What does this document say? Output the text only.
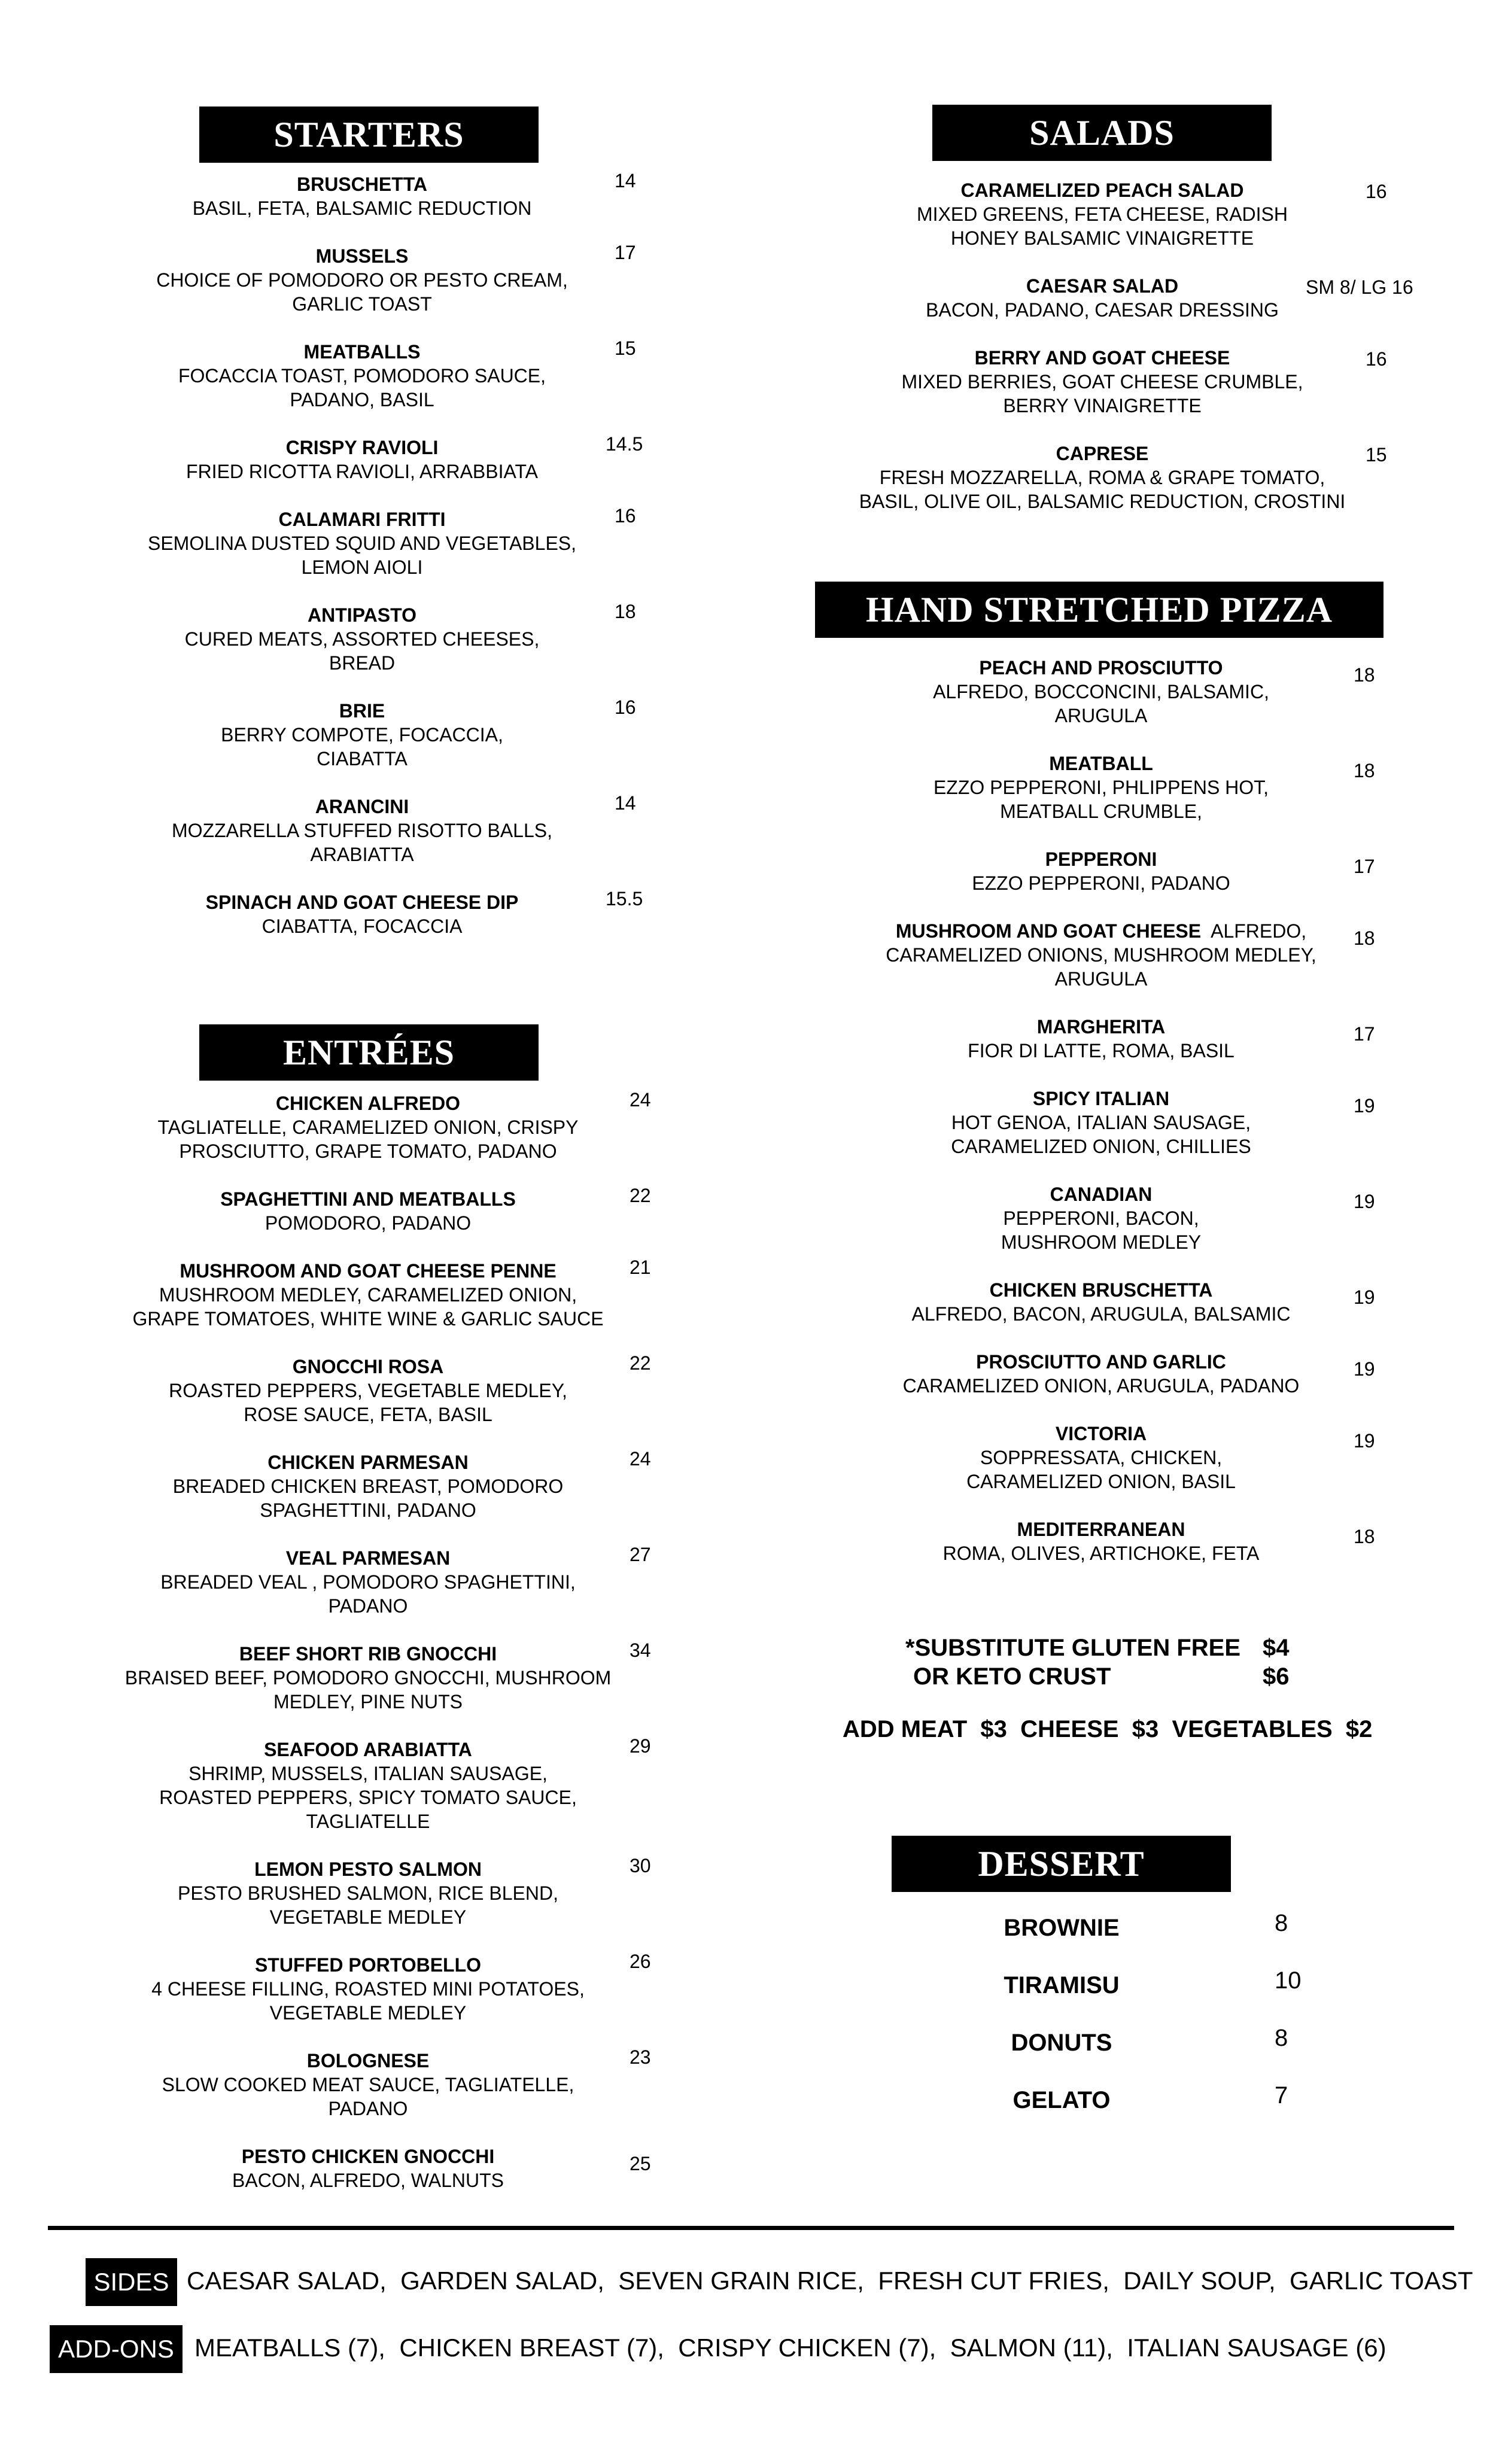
STARTERS
BRUSCHETTA
BASIL, FETA, BALSAMIC REDUCTION
14
MUSSELS
CHOICE OF POMODORO OR PESTO CREAM,
GARLIC TOAST
17
MEATBALLS
FOCACCIA TOAST, POMODORO SAUCE,
PADANO, BASIL
15
CRISPY RAVIOLI
FRIED RICOTTA RAVIOLI, ARRABBIATA
14.5
CALAMARI FRITTI
SEMOLINA DUSTED SQUID AND VEGETABLES,
LEMON AIOLI
16
ANTIPASTO
CURED MEATS, ASSORTED CHEESES,
BREAD
18
BRIE
BERRY COMPOTE, FOCACCIA,
CIABATTA
16
ARANCINI
MOZZARELLA STUFFED RISOTTO BALLS,
ARABIATTA
14
SPINACH AND GOAT CHEESE DIP
CIABATTA, FOCACCIA
15.5
ENTRÉES
CHICKEN ALFREDO
TAGLIATELLE, CARAMELIZED ONION, CRISPY
PROSCIUTTO, GRAPE TOMATO, PADANO
24
SPAGHETTINI AND MEATBALLS
POMODORO, PADANO
22
MUSHROOM AND GOAT CHEESE PENNE
MUSHROOM MEDLEY, CARAMELIZED ONION,
GRAPE TOMATOES, WHITE WINE & GARLIC SAUCE
21
GNOCCHI ROSA
ROASTED PEPPERS, VEGETABLE MEDLEY,
ROSE SAUCE, FETA, BASIL
22
CHICKEN PARMESAN
BREADED CHICKEN BREAST, POMODORO
SPAGHETTINI, PADANO
24
VEAL PARMESAN
BREADED VEAL , POMODORO SPAGHETTINI,
PADANO
27
BEEF SHORT RIB GNOCCHI
BRAISED BEEF, POMODORO GNOCCHI, MUSHROOM
MEDLEY, PINE NUTS
34
SEAFOOD ARABIATTA
SHRIMP, MUSSELS, ITALIAN SAUSAGE,
ROASTED PEPPERS, SPICY TOMATO SAUCE,
TAGLIATELLE
29
LEMON PESTO SALMON
PESTO BRUSHED SALMON, RICE BLEND,
VEGETABLE MEDLEY
30
STUFFED PORTOBELLO
4 CHEESE FILLING, ROASTED MINI POTATOES,
VEGETABLE MEDLEY
26
BOLOGNESE
SLOW COOKED MEAT SAUCE, TAGLIATELLE,
PADANO
23
PESTO CHICKEN GNOCCHI
BACON, ALFREDO, WALNUTS
25
SALADS
CARAMELIZED PEACH SALAD
MIXED GREENS, FETA CHEESE, RADISH
HONEY BALSAMIC VINAIGRETTE
16
CAESAR SALAD
BACON, PADANO, CAESAR DRESSING
SM 8/ LG 16
BERRY AND GOAT CHEESE
MIXED BERRIES, GOAT CHEESE CRUMBLE,
BERRY VINAIGRETTE
16
CAPRESE
FRESH MOZZARELLA, ROMA & GRAPE TOMATO,
BASIL, OLIVE OIL, BALSAMIC REDUCTION, CROSTINI
15
HAND STRETCHED PIZZA
PEACH AND PROSCIUTTO
ALFREDO, BOCCONCINI, BALSAMIC,
ARUGULA
18
MEATBALL
EZZO PEPPERONI, PHLIPPENS HOT,
MEATBALL CRUMBLE,
18
PEPPERONI
EZZO PEPPERONI, PADANO
17
MUSHROOM AND GOAT CHEESE  ALFREDO,
CARAMELIZED ONIONS, MUSHROOM MEDLEY,
ARUGULA
18
MARGHERITA
FIOR DI LATTE, ROMA, BASIL
17
SPICY ITALIAN
HOT GENOA, ITALIAN SAUSAGE,
CARAMELIZED ONION, CHILLIES
19
CANADIAN
PEPPERONI, BACON,
MUSHROOM MEDLEY
19
CHICKEN BRUSCHETTA
ALFREDO, BACON, ARUGULA, BALSAMIC
19
PROSCIUTTO AND GARLIC
CARAMELIZED ONION, ARUGULA, PADANO
19
VICTORIA
SOPPRESSATA, CHICKEN,
CARAMELIZED ONION, BASIL
19
MEDITERRANEAN
ROMA, OLIVES, ARTICHOKE, FETA
18
*SUBSTITUTE GLUTEN FREE $4
OR KETO CRUST	$6
ADD MEAT  $3  CHEESE  $3  VEGETABLES  $2
DESSERT
BROWNIE	8
TIRAMISU	10
DONUTS	8
GELATO	7
SIDES CAESAR SALAD,  GARDEN SALAD,  SEVEN GRAIN RICE,  FRESH CUT FRIES,  DAILY SOUP,  GARLIC TOAST
ADD-ONS MEATBALLS (7),  CHICKEN BREAST (7),  CRISPY CHICKEN (7),  SALMON (11),  ITALIAN SAUSAGE (6)
